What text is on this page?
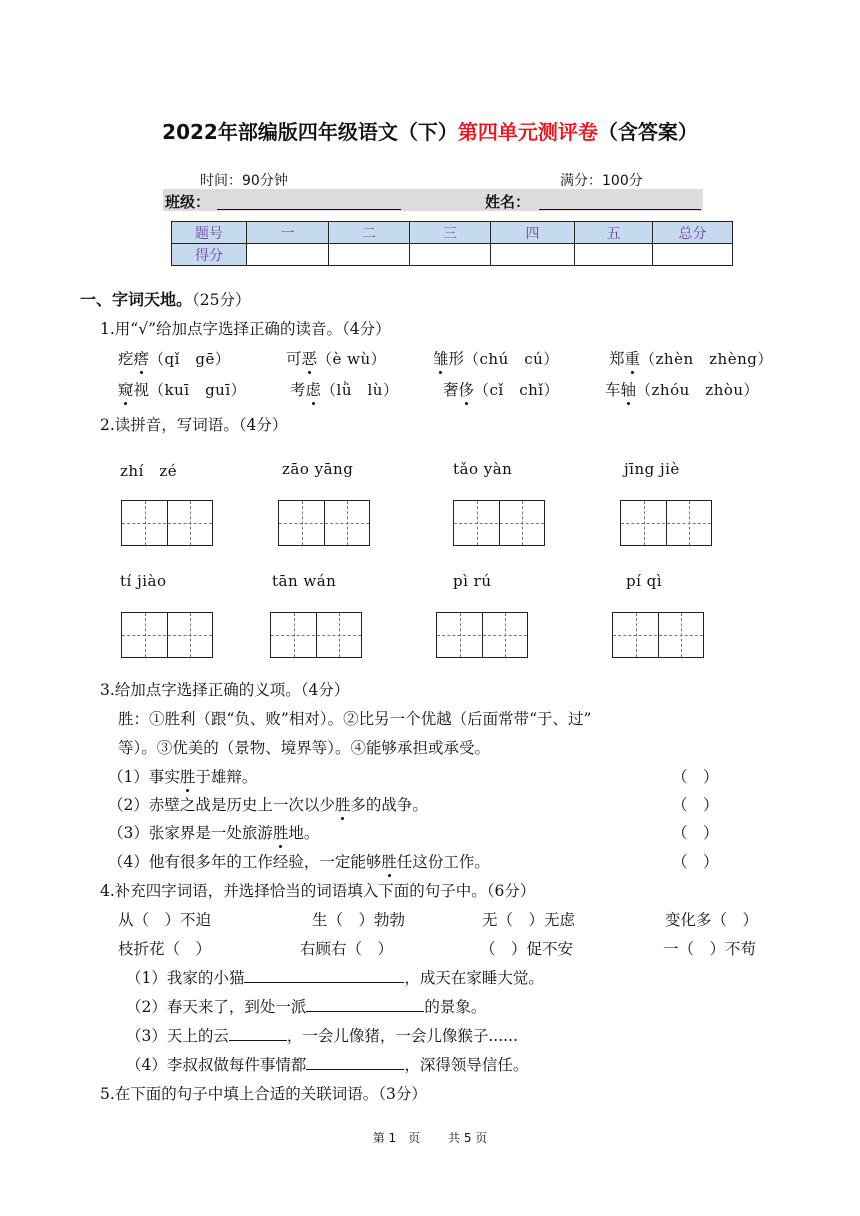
2022年部编版四年级语文（下）第四单元测评卷（含答案）
时间：90分钟	满分：100分
班级：	姓名：
题号	一	二	三	四	五	总分
得分						
一、字词天地。（25分）
1.用“√”给加点字选择正确的读音。（4分）
疙瘩（qǐ　gē）	可恶（è wù）	雏形（chú　cú）	郑重（zhèn　zhèng）
窥视（kuī　guī）	考虑（lǜ　lù）	奢侈（cǐ　chǐ）	车轴（zhóu　zhòu）
2.读拼音，写词语。（4分）
zhí　zé	zāo yāng	tǎo yàn	jīng jiè
tí jiào	tān wán	pì rú	pí qì
3.给加点字选择正确的义项。（4分）
胜：①胜利（跟“负、败”相对）。②比另一个优越（后面常带“于、过”
等）。③优美的（景物、境界等）。④能够承担或承受。
（1）事实胜于雄辩。	（　）
（2）赤壁之战是历史上一次以少胜多的战争。	（　）
（3）张家界是一处旅游胜地。	（　）
（4）他有很多年的工作经验，一定能够胜任这份工作。	（　）
4.补充四字词语，并选择恰当的词语填入下面的句子中。（6分）
从（　）不迫	生（　）勃勃	无（　）无虑	变化多（　）
枝折花（　）	右顾右（　）	（　）促不安	一（　）不苟
（1）我家的小猫	，成天在家睡大觉。
（2）春天来了，到处一派	的景象。
（3）天上的云	，一会儿像猪，一会儿像猴子......
（4）李叔叔做每件事情都	，深得领导信任。
5.在下面的句子中填上合适的关联词语。（3分）
第 1　页　　 共 5 页
